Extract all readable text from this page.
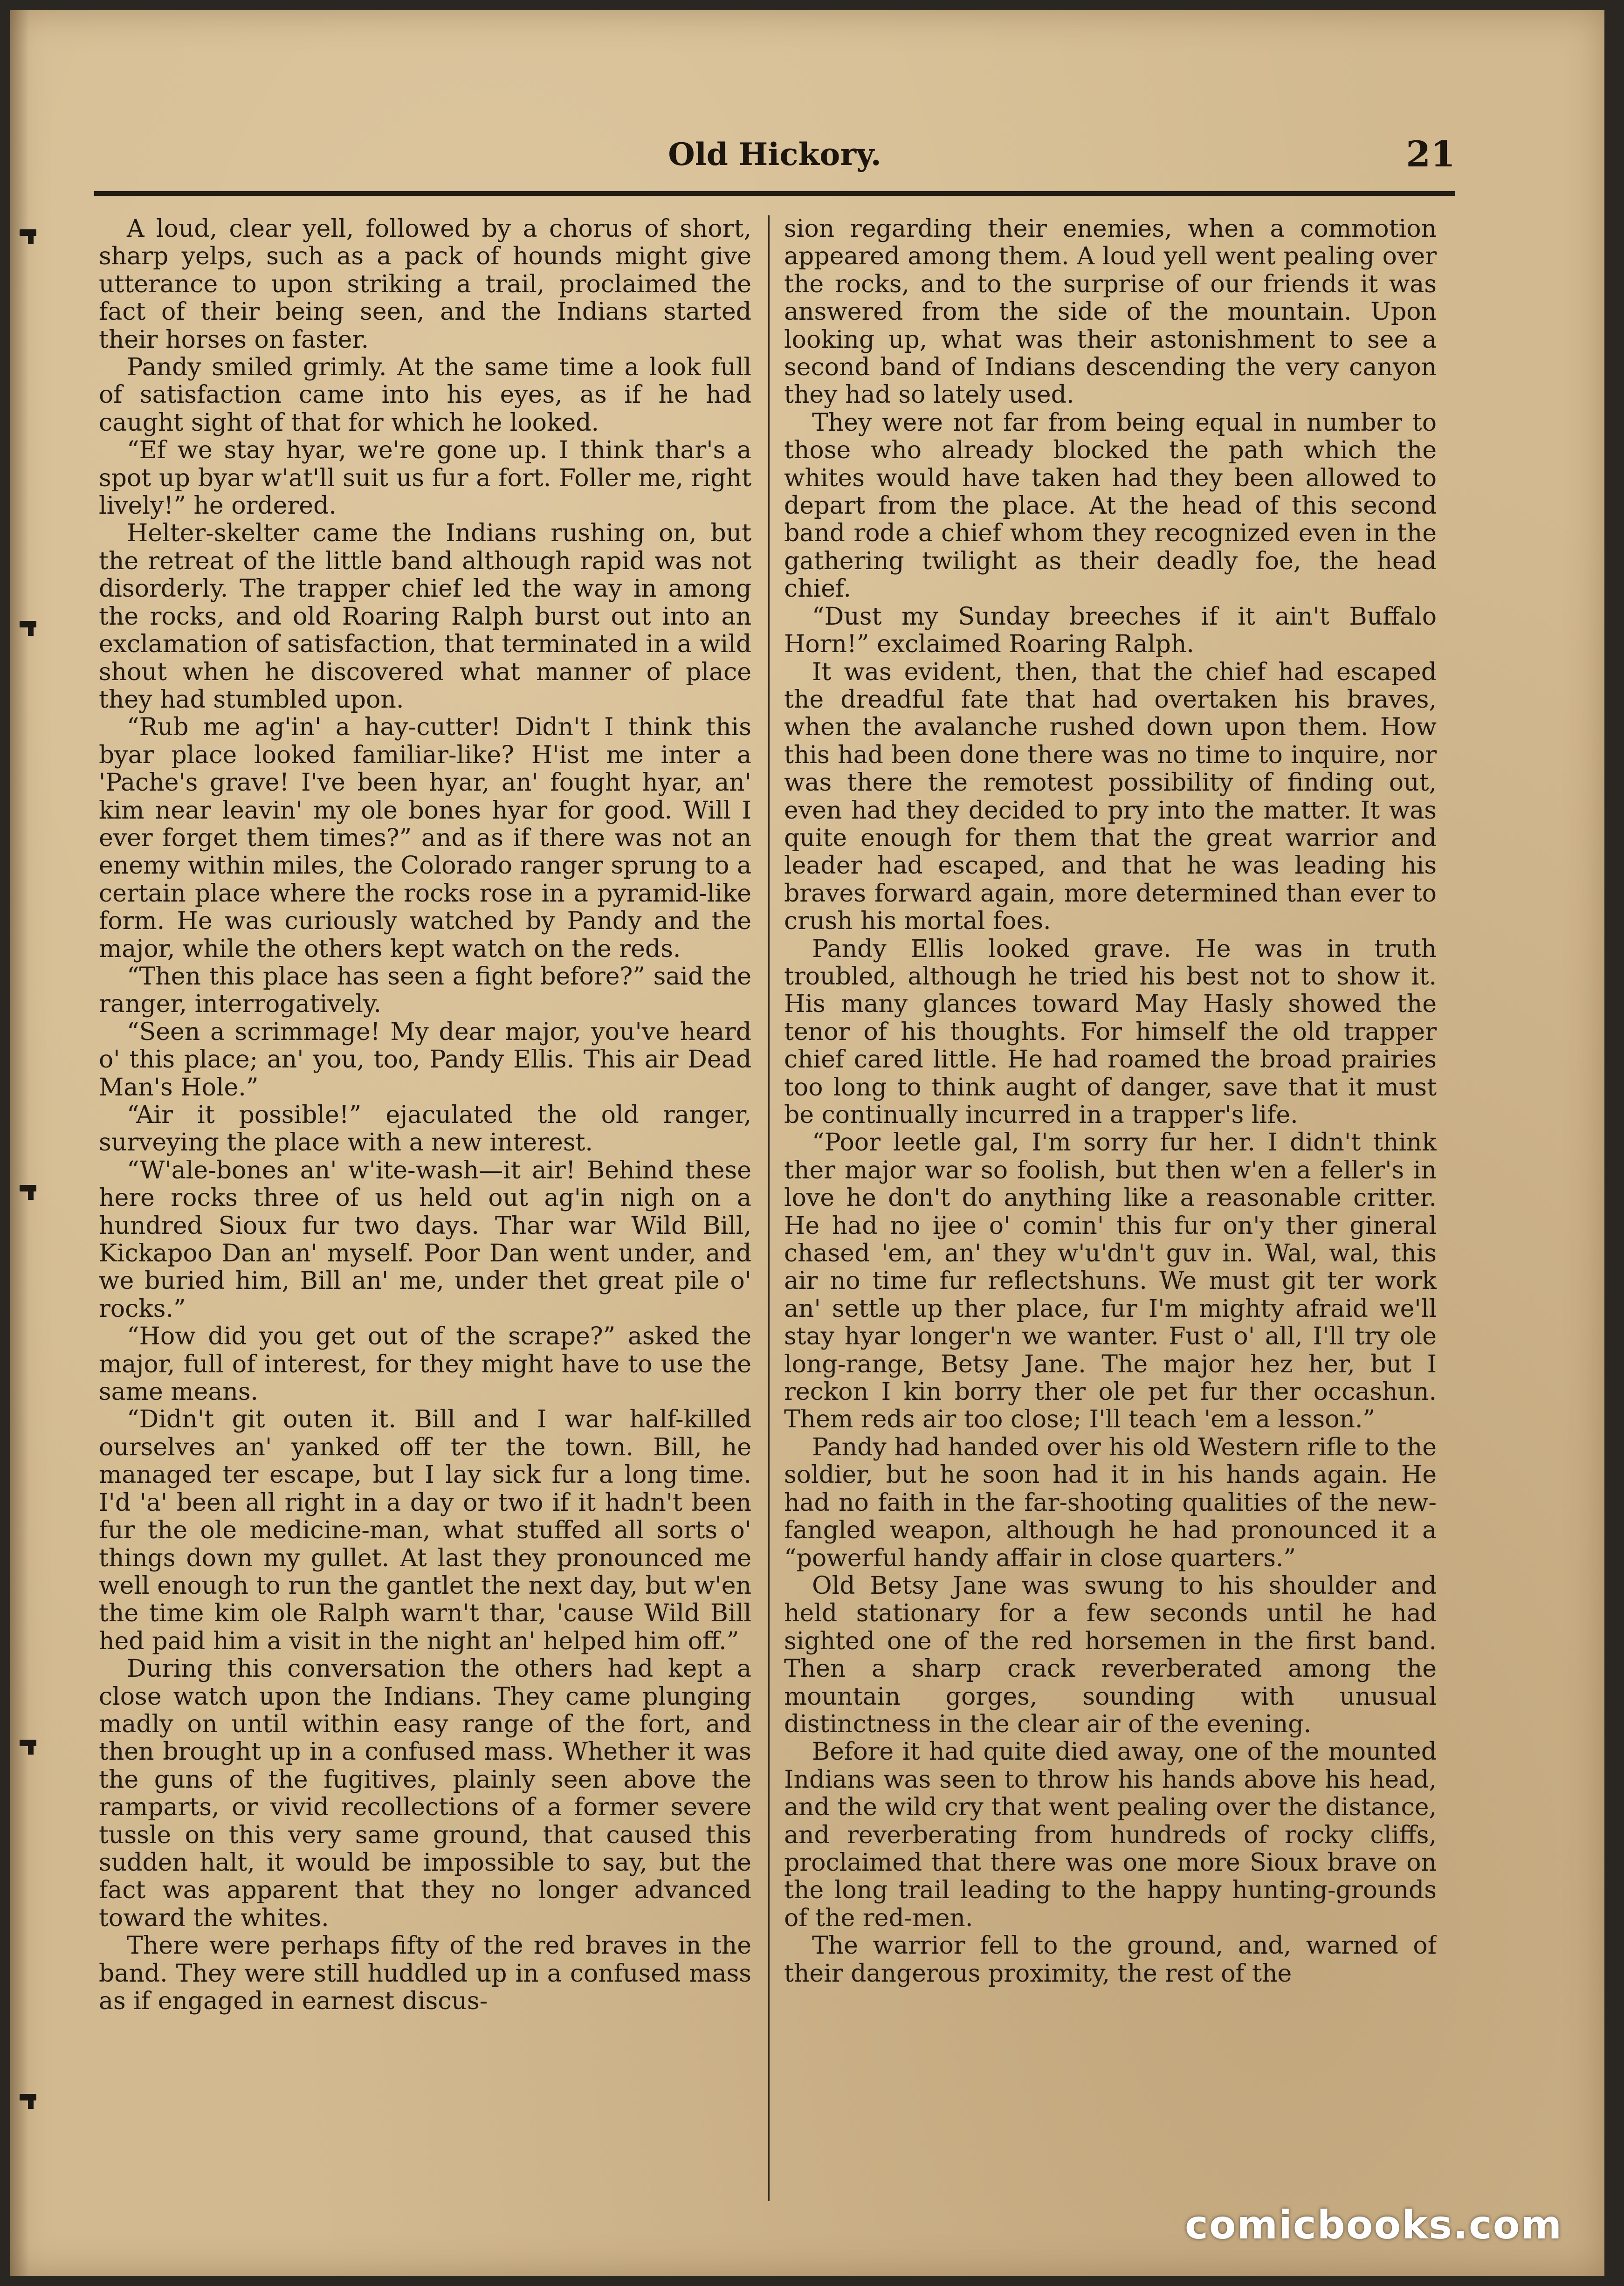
Old Hickory.	21

A loud, clear yell, followed by a chorus of short, sharp yelps, such as a pack of hounds might give utterance to upon striking a trail, proclaimed the fact of their being seen, and the Indians started their horses on faster.

Pandy smiled grimly. At the same time a look full of satisfaction came into his eyes, as if he had caught sight of that for which he looked.

“Ef we stay hyar, we're gone up. I think thar's a spot up byar w'at'll suit us fur a fort. Foller me, right lively!” he ordered.

Helter-skelter came the Indians rushing on, but the retreat of the little band although rapid was not disorderly. The trapper chief led the way in among the rocks, and old Roaring Ralph burst out into an exclamation of satisfaction, that terminated in a wild shout when he discovered what manner of place they had stumbled upon.

“Rub me ag'in' a hay-cutter! Didn't I think this byar place looked familiar-like? H'ist me inter a 'Pache's grave! I've been hyar, an' fought hyar, an' kim near leavin' my ole bones hyar for good. Will I ever forget them times?” and as if there was not an enemy within miles, the Colorado ranger sprung to a certain place where the rocks rose in a pyramid-like form. He was curiously watched by Pandy and the major, while the others kept watch on the reds.

“Then this place has seen a fight before?” said the ranger, interrogatively.

“Seen a scrimmage! My dear major, you've heard o' this place; an' you, too, Pandy Ellis. This air Dead Man's Hole.”

“Air it possible!” ejaculated the old ranger, surveying the place with a new interest.

“W'ale-bones an' w'ite-wash—it air! Behind these here rocks three of us held out ag'in nigh on a hundred Sioux fur two days. Thar war Wild Bill, Kickapoo Dan an' myself. Poor Dan went under, and we buried him, Bill an' me, under thet great pile o' rocks.”

“How did you get out of the scrape?” asked the major, full of interest, for they might have to use the same means.

“Didn't git outen it. Bill and I war half-killed ourselves an' yanked off ter the town. Bill, he managed ter escape, but I lay sick fur a long time. I'd 'a' been all right in a day or two if it hadn't been fur the ole medicine-man, what stuffed all sorts o' things down my gullet. At last they pronounced me well enough to run the gantlet the next day, but w'en the time kim ole Ralph warn't thar, 'cause Wild Bill hed paid him a visit in the night an' helped him off.”

During this conversation the others had kept a close watch upon the Indians. They came plunging madly on until within easy range of the fort, and then brought up in a confused mass. Whether it was the guns of the fugitives, plainly seen above the ramparts, or vivid recollections of a former severe tussle on this very same ground, that caused this sudden halt, it would be impossible to say, but the fact was apparent that they no longer advanced toward the whites.

There were perhaps fifty of the red braves in the band. They were still huddled up in a confused mass as if engaged in earnest discus-

sion regarding their enemies, when a commotion appeared among them. A loud yell went pealing over the rocks, and to the surprise of our friends it was answered from the side of the mountain. Upon looking up, what was their astonishment to see a second band of Indians descending the very canyon they had so lately used.

They were not far from being equal in number to those who already blocked the path which the whites would have taken had they been allowed to depart from the place. At the head of this second band rode a chief whom they recognized even in the gathering twilight as their deadly foe, the head chief.

“Dust my Sunday breeches if it ain't Buffalo Horn!” exclaimed Roaring Ralph.

It was evident, then, that the chief had escaped the dreadful fate that had overtaken his braves, when the avalanche rushed down upon them. How this had been done there was no time to inquire, nor was there the remotest possibility of finding out, even had they decided to pry into the matter. It was quite enough for them that the great warrior and leader had escaped, and that he was leading his braves forward again, more determined than ever to crush his mortal foes.

Pandy Ellis looked grave. He was in truth troubled, although he tried his best not to show it. His many glances toward May Hasly showed the tenor of his thoughts. For himself the old trapper chief cared little. He had roamed the broad prairies too long to think aught of danger, save that it must be continually incurred in a trapper's life.

“Poor leetle gal, I'm sorry fur her. I didn't think ther major war so foolish, but then w'en a feller's in love he don't do anything like a reasonable critter. He had no ijee o' comin' this fur on'y ther gineral chased 'em, an' they w'u'dn't guv in. Wal, wal, this air no time fur reflectshuns. We must git ter work an' settle up ther place, fur I'm mighty afraid we'll stay hyar longer'n we wanter. Fust o' all, I'll try ole long-range, Betsy Jane. The major hez her, but I reckon I kin borry ther ole pet fur ther occashun. Them reds air too close; I'll teach 'em a lesson.”

Pandy had handed over his old Western rifle to the soldier, but he soon had it in his hands again. He had no faith in the far-shooting qualities of the new-fangled weapon, although he had pronounced it a “powerful handy affair in close quarters.”

Old Betsy Jane was swung to his shoulder and held stationary for a few seconds until he had sighted one of the red horsemen in the first band. Then a sharp crack reverberated among the mountain gorges, sounding with unusual distinctness in the clear air of the evening.

Before it had quite died away, one of the mounted Indians was seen to throw his hands above his head, and the wild cry that went pealing over the distance, and reverberating from hundreds of rocky cliffs, proclaimed that there was one more Sioux brave on the long trail leading to the happy hunting-grounds of the red-men.

The warrior fell to the ground, and, warned of their dangerous proximity, the rest of the

comicbooks.com
